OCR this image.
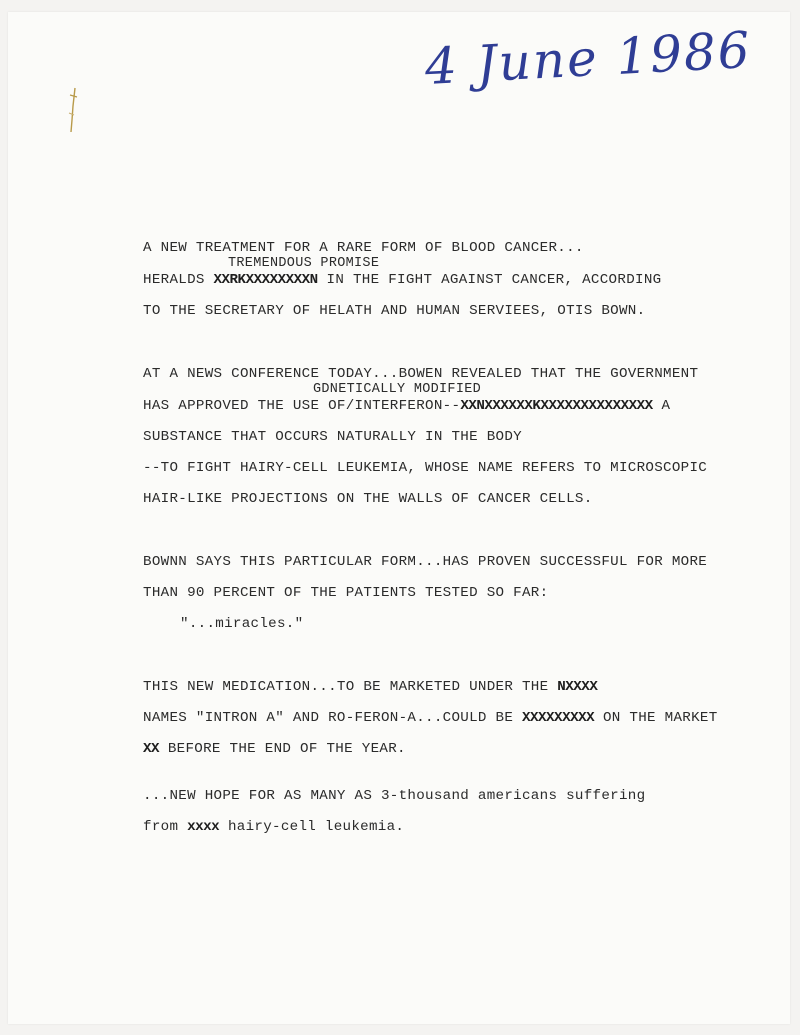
4 June 1986
A NEW TREATMENT FOR A RARE FORM OF BLOOD CANCER...
TREMENDOUS PROMISE
HERALDS XXRKXXXXXXXXN IN THE FIGHT AGAINST CANCER, ACCORDING
TO THE SECRETARY OF HELATH AND HUMAN SERVIEES, OTIS BOWN.
AT A NEWS CONFERENCE TODAY...BOWEN REVEALED THAT THE GOVERNMENT
GDNETICALLY MODIFIED
HAS APPROVED THE USE OF/INTERFERON--XXNXXXXXXKXXXXXXXXXXXXXX A
SUBSTANCE THAT OCCURS NATURALLY IN THE BODY
--TO FIGHT HAIRY-CELL LEUKEMIA, WHOSE NAME REFERS TO MICROSCOPIC
HAIR-LIKE PROJECTIONS ON THE WALLS OF CANCER CELLS.
BOWNN SAYS THIS PARTICULAR FORM...HAS PROVEN SUCCESSFUL FOR MORE
THAN 90 PERCENT OF THE PATIENTS TESTED SO FAR:
"...miracles."
THIS NEW MEDICATION...TO BE MARKETED UNDER THE NXXXX
NAMES "INTRON A" AND RO-FERON-A...COULD BE XXXXXXXXX ON THE MARKET
XX BEFORE THE END OF THE YEAR.
...NEW HOPE FOR AS MANY AS 3-thousand americans suffering
from xxxx hairy-cell leukemia.
